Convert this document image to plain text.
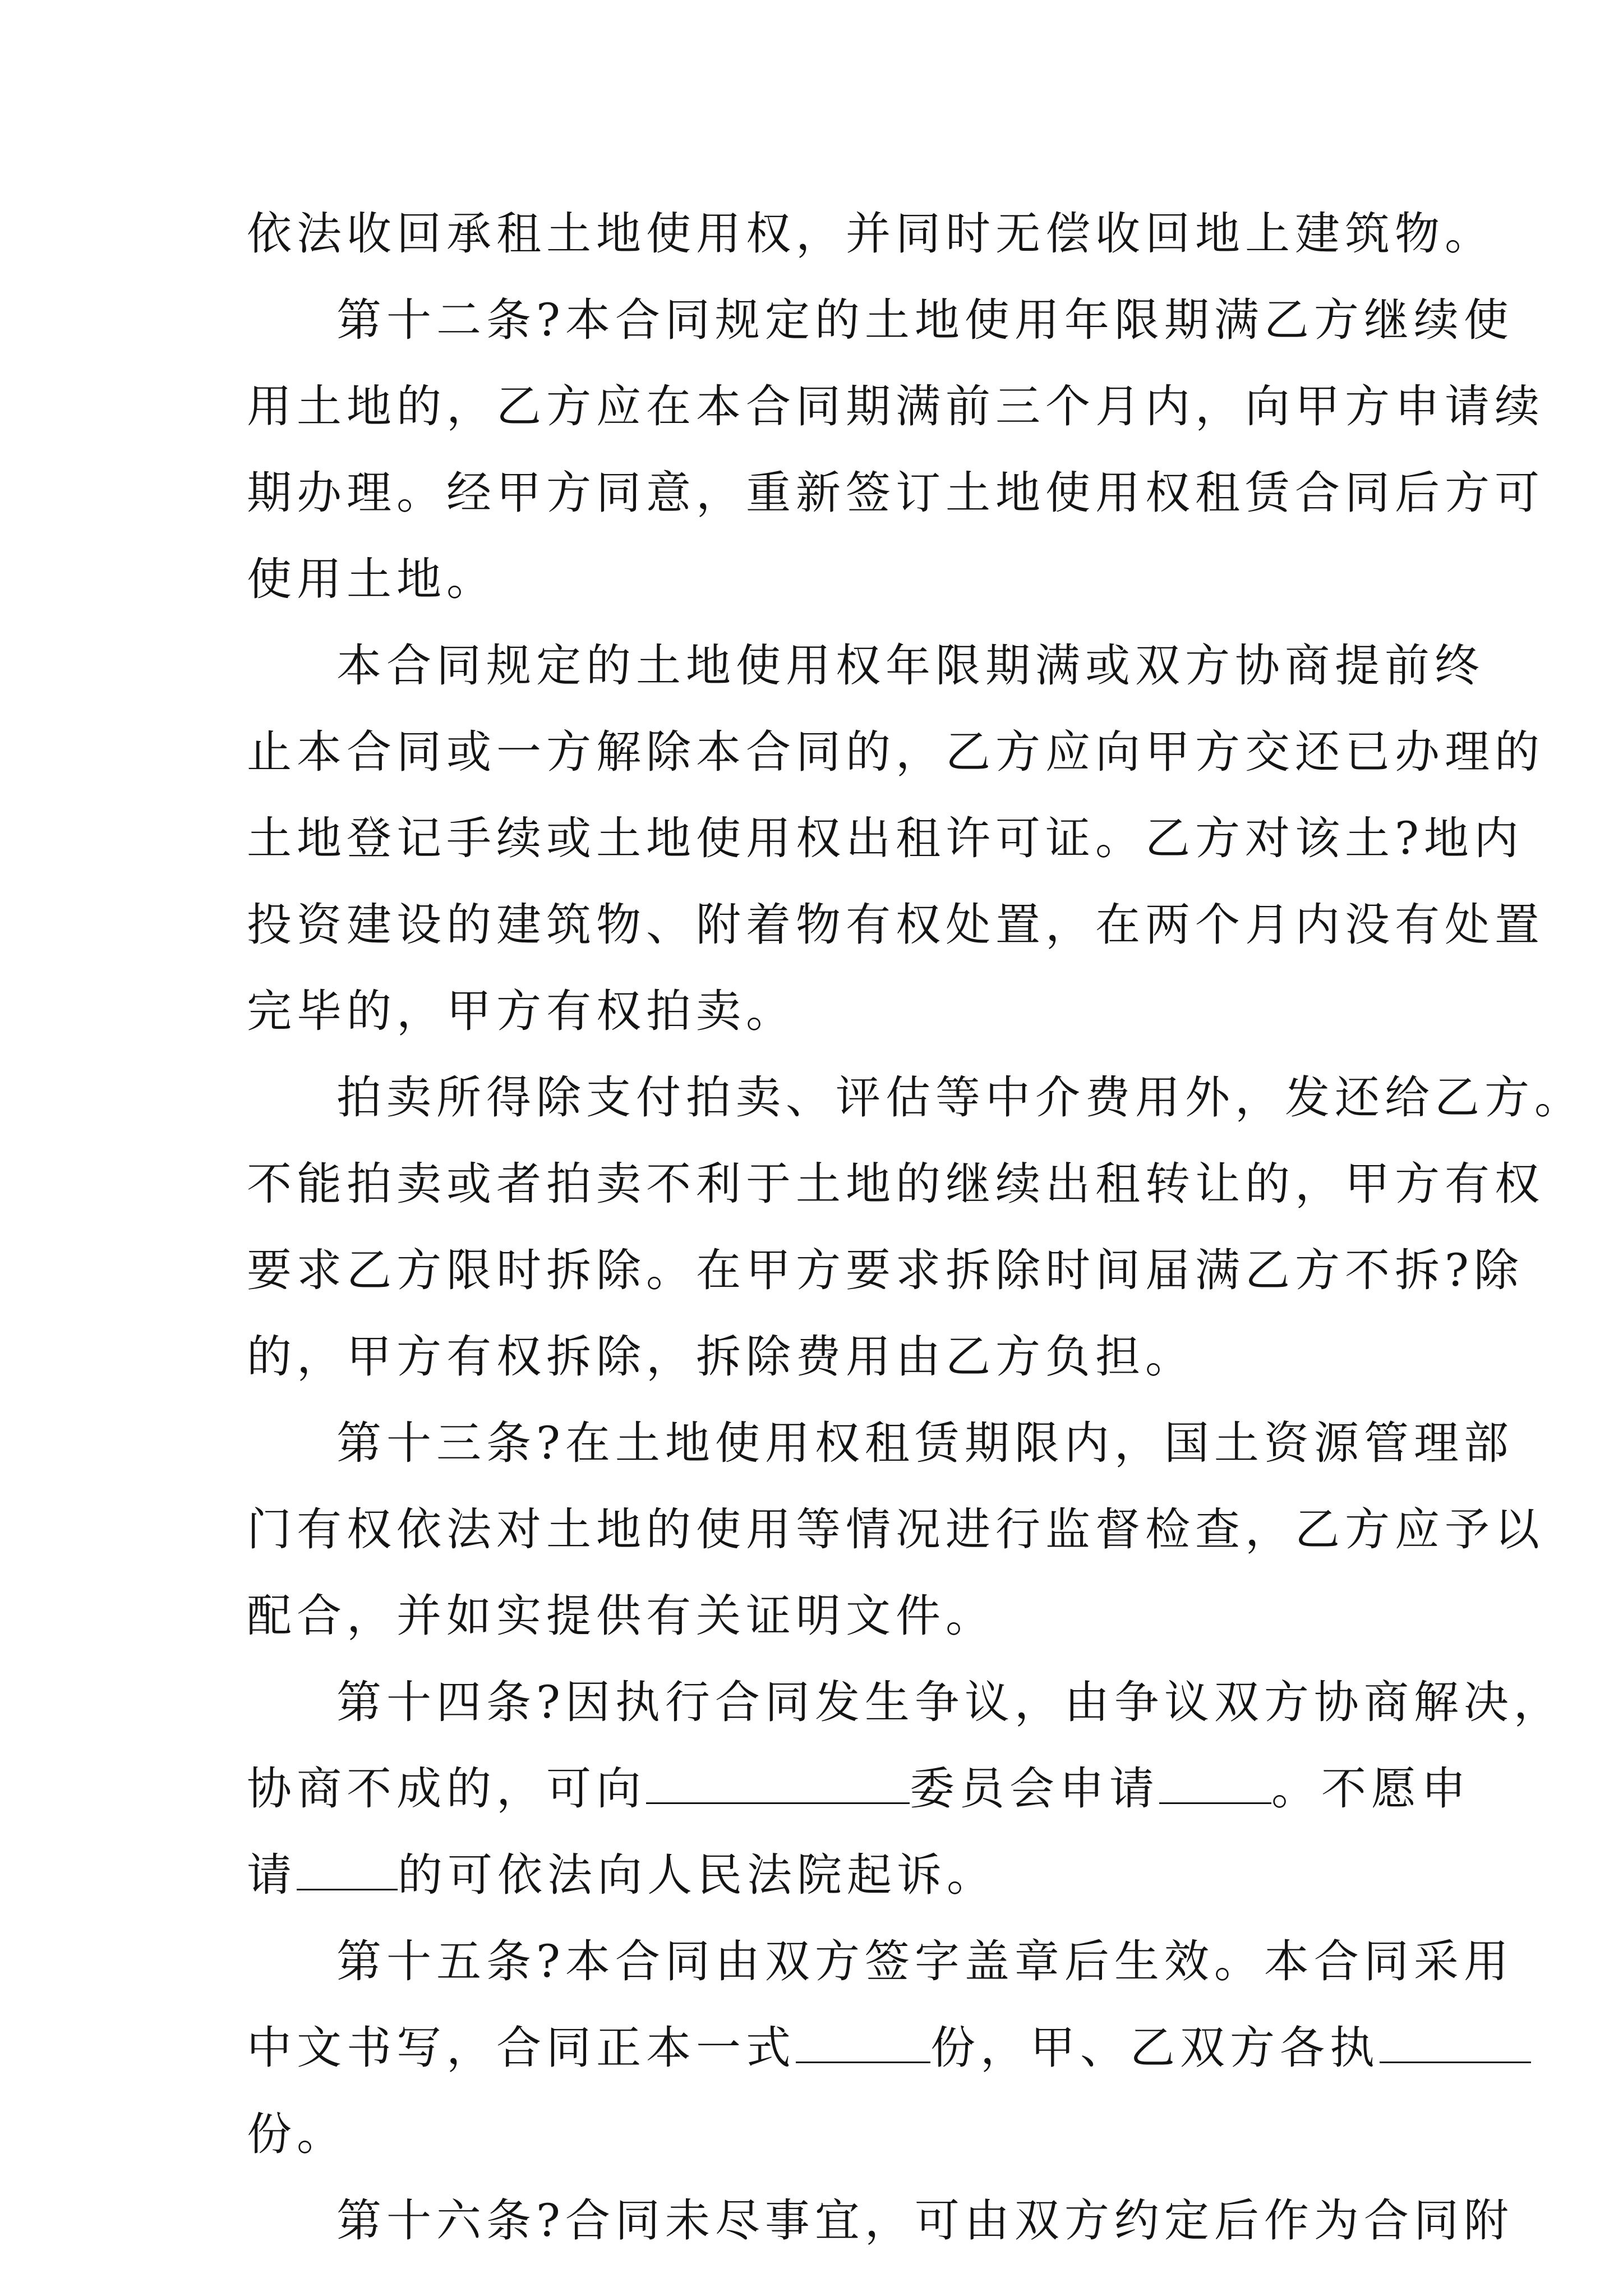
依法收回承租土地使用权，并同时无偿收回地上建筑物。
第十二条?本合同规定的土地使用年限期满乙方继续使
用土地的，乙方应在本合同期满前三个月内，向甲方申请续
期办理。经甲方同意，重新签订土地使用权租赁合同后方可
使用土地。
本合同规定的土地使用权年限期满或双方协商提前终
止本合同或一方解除本合同的，乙方应向甲方交还已办理的
土地登记手续或土地使用权出租许可证。乙方对该土?地内
投资建设的建筑物、附着物有权处置，在两个月内没有处置
完毕的，甲方有权拍卖。
拍卖所得除支付拍卖、评估等中介费用外，发还给乙方。
不能拍卖或者拍卖不利于土地的继续出租转让的，甲方有权
要求乙方限时拆除。在甲方要求拆除时间届满乙方不拆?除
的，甲方有权拆除，拆除费用由乙方负担。
第十三条?在土地使用权租赁期限内，国土资源管理部
门有权依法对土地的使用等情况进行监督检查，乙方应予以
配合，并如实提供有关证明文件。
第十四条?因执行合同发生争议，由争议双方协商解决，
协商不成的，可向	委员会申请	。不愿申
请 的可依法向人民法院起诉。
第十五条?本合同由双方签字盖章后生效。本合同采用
中文书写，合同正本一式	份，甲、乙双方各执
份。
第十六条?合同未尽事宜，可由双方约定后作为合同附
